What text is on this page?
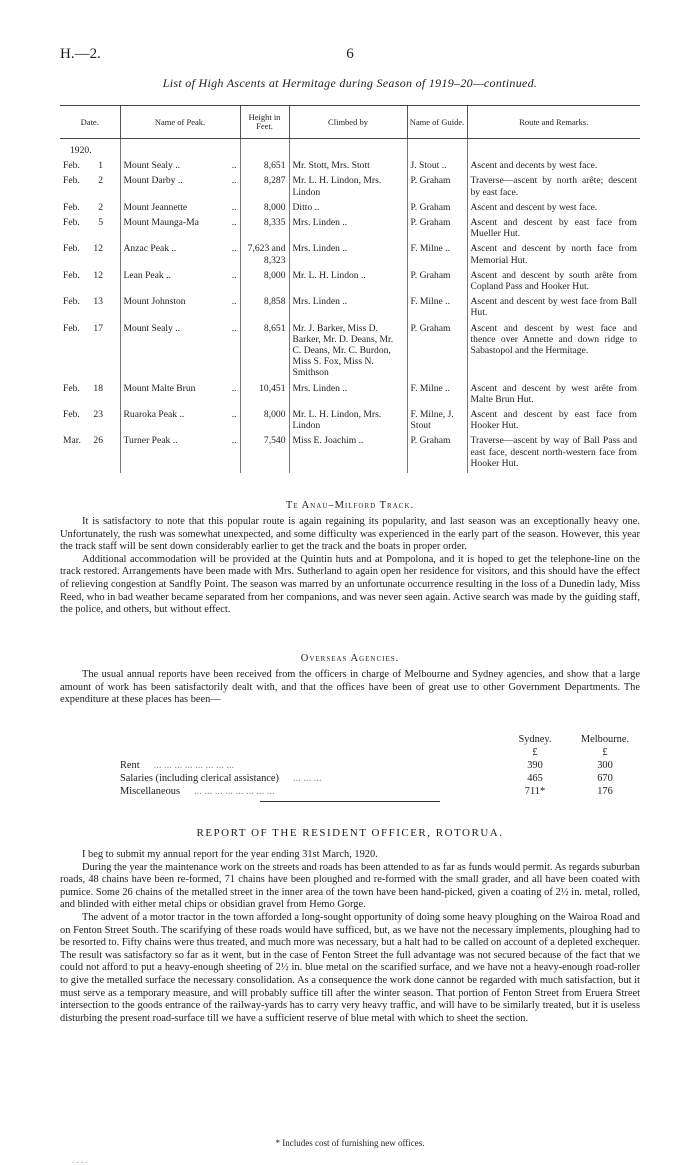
H.—2.	6
List of High Ascents at Hermitage during Season of 1919–20—continued.
Date.	Name of Peak.	Height in Feet.	Climbed by	Name of Guide.	Route and Remarks.
1920.					
Feb. 1	Mount Sealy .. ..	8,651	Mr. Stott, Mrs. Stott	J. Stout ..	Ascent and decents by west face.
Feb. 2	Mount Darby .. ..	8,287	Mr. L. H. Lindon, Mrs. Lindon	P. Graham	Traverse—ascent by north arête; descent by east face.
Feb. 2	Mount Jeannette ..	8,000	Ditto ..	P. Graham	Ascent and descent by west face.
Feb. 5	Mount Maunga-Ma ..	8,335	Mrs. Linden ..	P. Graham	Ascent and descent by east face from Mueller Hut.
Feb. 12	Anzac Peak .. ..	7,623 and 8,323	Mrs. Linden ..	F. Milne ..	Ascent and descent by north face from Memorial Hut.
Feb. 12	Lean Peak .. ..	8,000	Mr. L. H. Lindon ..	P. Graham	Ascent and descent by south arête from Copland Pass and Hooker Hut.
Feb. 13	Mount Johnston ..	8,858	Mrs. Linden ..	F. Milne ..	Ascent and descent by west face from Ball Hut.
Feb. 17	Mount Sealy .. ..	8,651	Mr. J. Barker, Miss D. Barker, Mr. D. Deans, Mr. C. Deans, Mr. C. Burdon, Miss S. Fox, Miss N. Smithson	P. Graham	Ascent and descent by west face and thence over Annette and down ridge to Sabastopol and the Hermitage.
Feb. 18	Mount Malte Brun ..	10,451	Mrs. Linden ..	F. Milne ..	Ascent and descent by west arête from Malte Brun Hut.
Feb. 23	Ruaroka Peak .. ..	8,000	Mr. L. H. Lindon, Mrs. Lindon	F. Milne, J. Stout	Ascent and descent by east face from Hooker Hut.
Mar. 26	Turner Peak .. ..	7,540	Miss E. Joachim ..	P. Graham	Traverse—ascent by way of Ball Pass and east face, descent north-western face from Hooker Hut.
Te Anau–Milford Track.

It is satisfactory to note that this popular route is again regaining its popularity, and last season was an exceptionally heavy one. Unfortunately, the rush was somewhat unexpected, and some difficulty was experienced in the early part of the season. However, this year the track staff will be sent down considerably earlier to get the track and the boats in proper order.

Additional accommodation will be provided at the Quintin huts and at Pompolona, and it is hoped to get the telephone-line on the track restored. Arrangements have been made with Mrs. Sutherland to again open her residence for visitors, and this should have the effect of relieving congestion at Sandfly Point. The season was marred by an unfortunate occurrence resulting in the loss of a Dunedin lady, Miss Reed, who in bad weather became separated from her companions, and was never seen again. Active search was made by the guiding staff, the police, and others, but without effect.

Overseas Agencies.

The usual annual reports have been received from the officers in charge of Melbourne and Sydney agencies, and show that a large amount of work has been satisfactorily dealt with, and that the offices have been of great use to other Government Departments. The expenditure at these places has been—

	Sydney.	Melbourne.
	£	£
Rent ... ... ... ... ... ... ... ...	390	300
Salaries (including clerical assistance) ... ... ...	465	670
Miscellaneous ... ... ... ... ... ... ... ...	711*	176
REPORT OF THE RESIDENT OFFICER, ROTORUA.

I beg to submit my annual report for the year ending 31st March, 1920.

During the year the maintenance work on the streets and roads has been attended to as far as funds would permit. As regards suburban roads, 48 chains have been re-formed, 71 chains have been ploughed and re-formed with the small grader, and all have been coated with pumice. Some 26 chains of the metalled street in the inner area of the town have been hand-picked, given a coating of 2½ in. metal, rolled, and blinded with either metal chips or obsidian gravel from Hemo Gorge.

The advent of a motor tractor in the town afforded a long-sought opportunity of doing some heavy ploughing on the Wairoa Road and on Fenton Street South. The scarifying of these roads would have sufficed, but, as we have not the necessary implements, ploughing had to be resorted to. Fifty chains were thus treated, and much more was necessary, but a halt had to be called on account of a depleted exchequer. The result was satisfactory so far as it went, but in the case of Fenton Street the full advantage was not secured because of the fact that we could not afford to put a heavy-enough sheeting of 2½ in. blue metal on the scarified surface, and we have not a heavy-enough road-roller to give the metalled surface the necessary consolidation. As a consequence the work done cannot be regarded with much satisfaction, but it must serve as a temporary measure, and will probably suffice till after the winter season. That portion of Fenton Street from Eruera Street intersection to the goods entrance of the railway-yards has to carry very heavy traffic, and will have to be similarly treated, but it is useless disturbing the present road-surface till we have a sufficient reserve of blue metal with which to sheet the section.

* Includes cost of furnishing new offices.
. . . .
